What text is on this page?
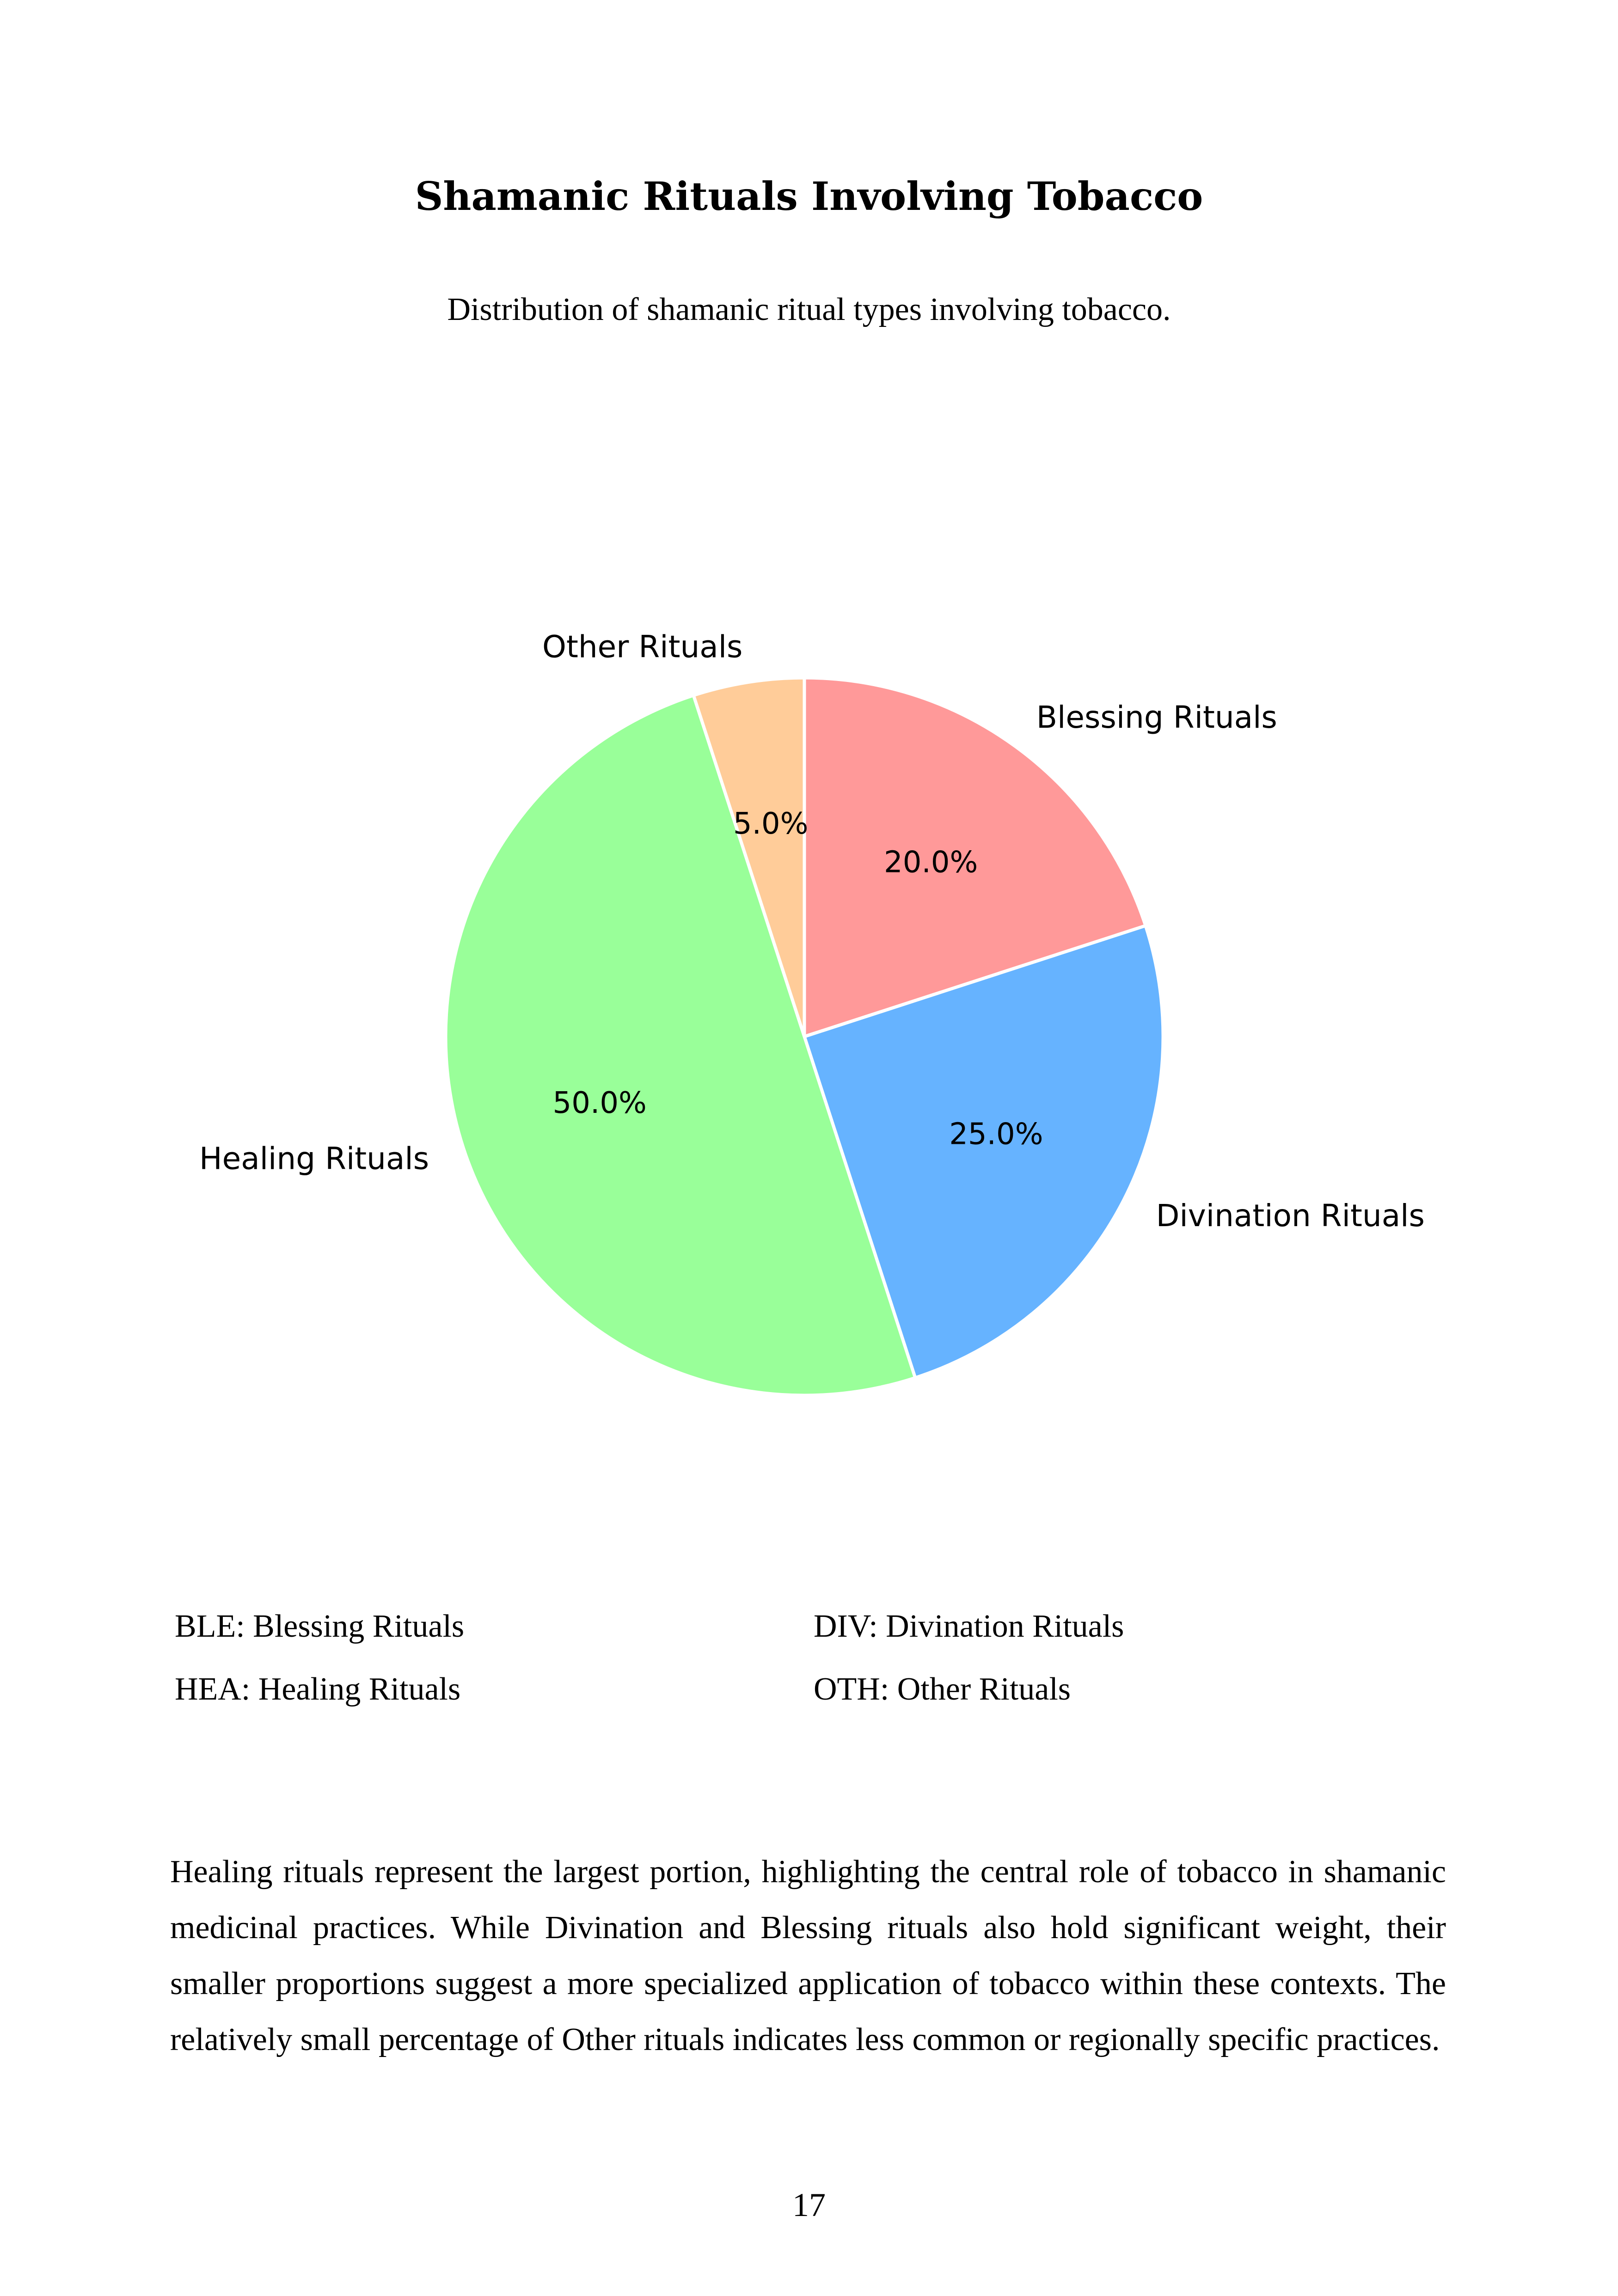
Shamanic Rituals Involving Tobacco

Distribution of shamanic ritual types involving tobacco.

20.0%
25.0%
50.0%
5.0%
Blessing Rituals
Divination Rituals
Healing Rituals
Other Rituals
BLE: Blessing Rituals	DIV: Divination Rituals
HEA: Healing Rituals	OTH: Other Rituals

Healing rituals represent the largest portion, highlighting the central role of tobacco in shamanic medicinal practices. While Divination and Blessing rituals also hold significant weight, their smaller proportions suggest a more specialized application of tobacco within these contexts. The relatively small percentage of Other rituals indicates less common or regionally specific practices.

17
